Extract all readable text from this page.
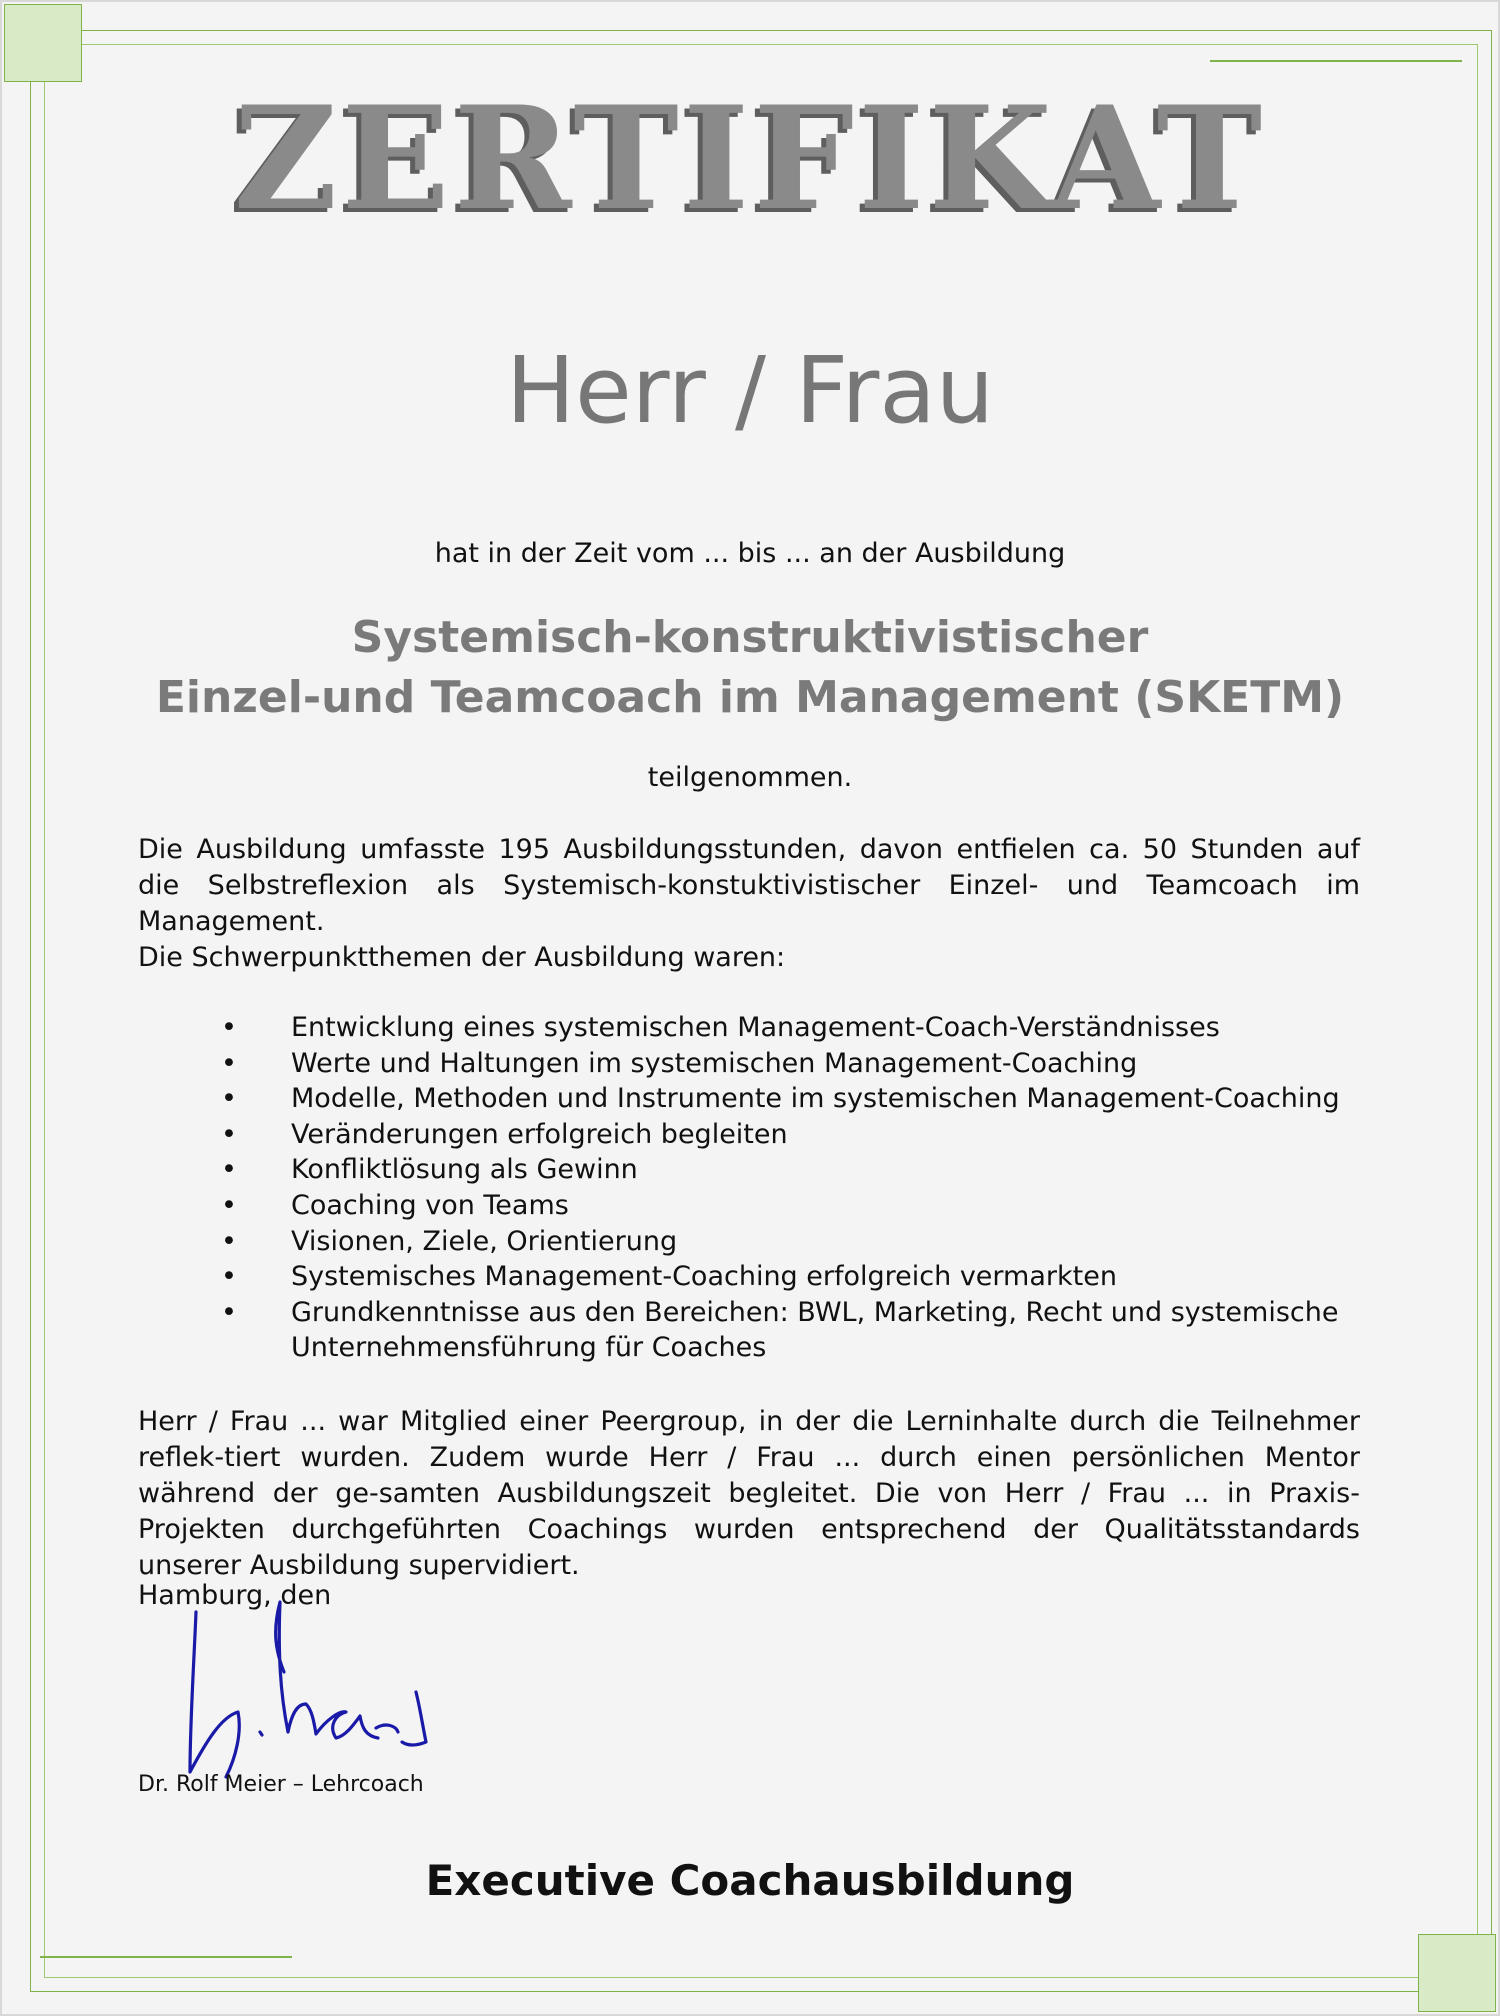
ZERTIFIKAT
Herr / Frau
hat in der Zeit vom ... bis ... an der Ausbildung
Systemisch-konstruktivistischer
Einzel-und Teamcoach im Management (SKETM)
teilgenommen.
Die Ausbildung umfasste 195 Ausbildungsstunden, davon entfielen ca. 50 Stunden auf die Selbstreflexion als Systemisch-konstuktivistischer Einzel- und Teamcoach im Management.
Die Schwerpunktthemen der Ausbildung waren:
• Entwicklung eines systemischen Management-Coach-Verständnisses
• Werte und Haltungen im systemischen Management-Coaching
• Modelle, Methoden und Instrumente im systemischen Management-Coaching
• Veränderungen erfolgreich begleiten
• Konfliktlösung als Gewinn
• Coaching von Teams
• Visionen, Ziele, Orientierung
• Systemisches Management-Coaching erfolgreich vermarkten
• Grundkenntnisse aus den Bereichen: BWL, Marketing, Recht und systemische Unternehmensführung für Coaches
Herr / Frau ... war Mitglied einer Peergroup, in der die Lerninhalte durch die Teilnehmer reflek-tiert wurden. Zudem wurde Herr / Frau ... durch einen persönlichen Mentor während der ge-samten Ausbildungszeit begleitet. Die von Herr / Frau ... in Praxis-Projekten durchgeführten Coachings wurden entsprechend der Qualitätsstandards unserer Ausbildung supervidiert.
Hamburg, den
Dr. Rolf Meier – Lehrcoach
Executive Coachausbildung
